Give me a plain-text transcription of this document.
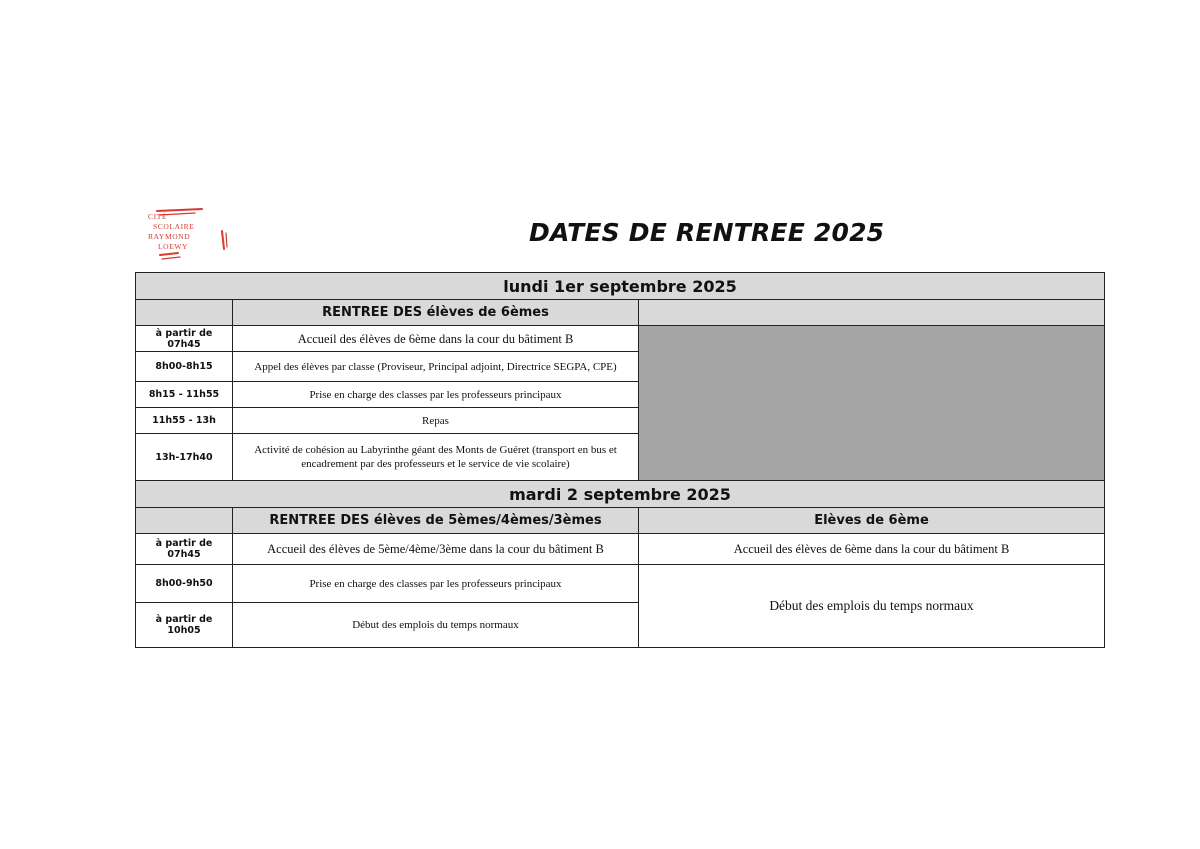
CITÉ
SCOLAIRE
RAYMOND
LOEWY	DATES DE RENTREE 2025
lundi 1er septembre 2025		
	RENTREE DES élèves de 6èmes	
à partir de 07h45	Accueil des élèves de 6ème dans la cour du bâtiment B	
8h00-8h15	Appel des élèves par classe (Proviseur, Principal adjoint, Directrice SEGPA, CPE)	
8h15 - 11h55	Prise en charge des classes par les professeurs principaux	
11h55 - 13h	Repas	
13h-17h40	Activité de cohésion au Labyrinthe géant des Monts de Guéret (transport en bus et encadrement par des professeurs et le service de vie scolaire)	
mardi 2 septembre 2025		
	RENTREE DES élèves de 5èmes/4èmes/3èmes	Elèves de 6ème
à partir de 07h45	Accueil des élèves de 5ème/4ème/3ème dans la cour du bâtiment B	Accueil des élèves de 6ème dans la cour du bâtiment B
8h00-9h50	Prise en charge des classes par les professeurs principaux	Début des emplois du temps normaux
à partir de 10h05	Début des emplois du temps normaux	
